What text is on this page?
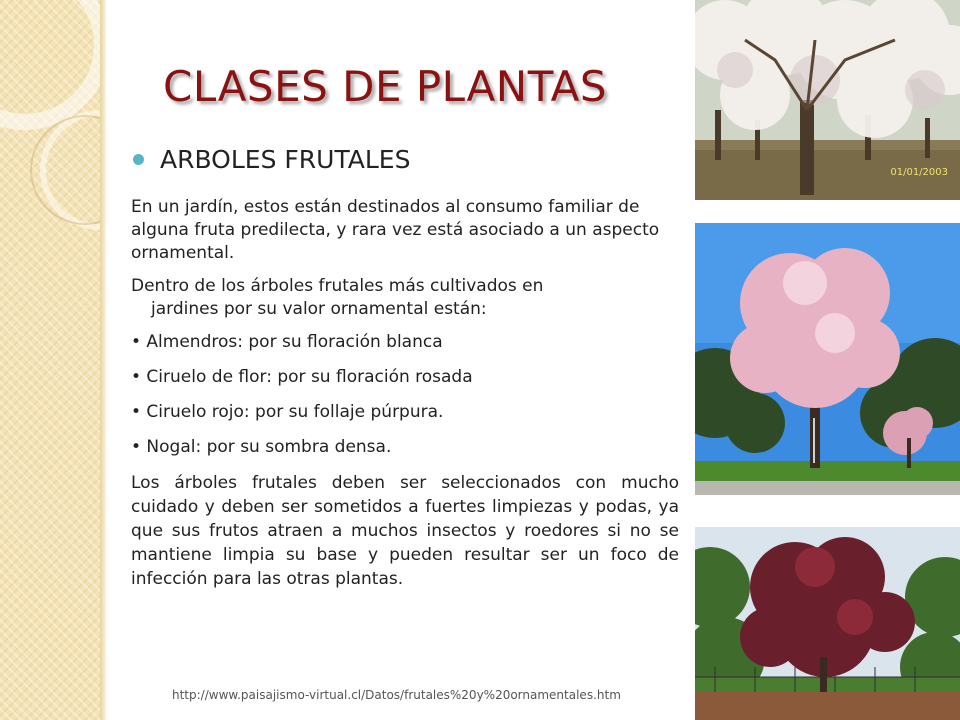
CLASES DE PLANTAS
ARBOLES FRUTALES

En un jardín, estos están destinados al consumo familiar de alguna fruta predilecta, y rara vez está asociado a un aspecto ornamental.

Dentro de los árboles frutales más cultivados en
jardines por su valor ornamental están:

• Almendros: por su floración blanca

• Ciruelo de flor: por su floración rosada

• Ciruelo rojo: por su follaje púrpura.

• Nogal: por su sombra densa.

Los árboles frutales deben ser seleccionados con mucho cuidado y deben ser sometidos a fuertes limpiezas y podas, ya que sus frutos atraen a muchos insectos y roedores si no se mantiene limpia su base y pueden resultar ser un foco de infección para las otras plantas.

http://www.paisajismo-virtual.cl/Datos/frutales%20y%20ornamentales.htm
01/01/2003
